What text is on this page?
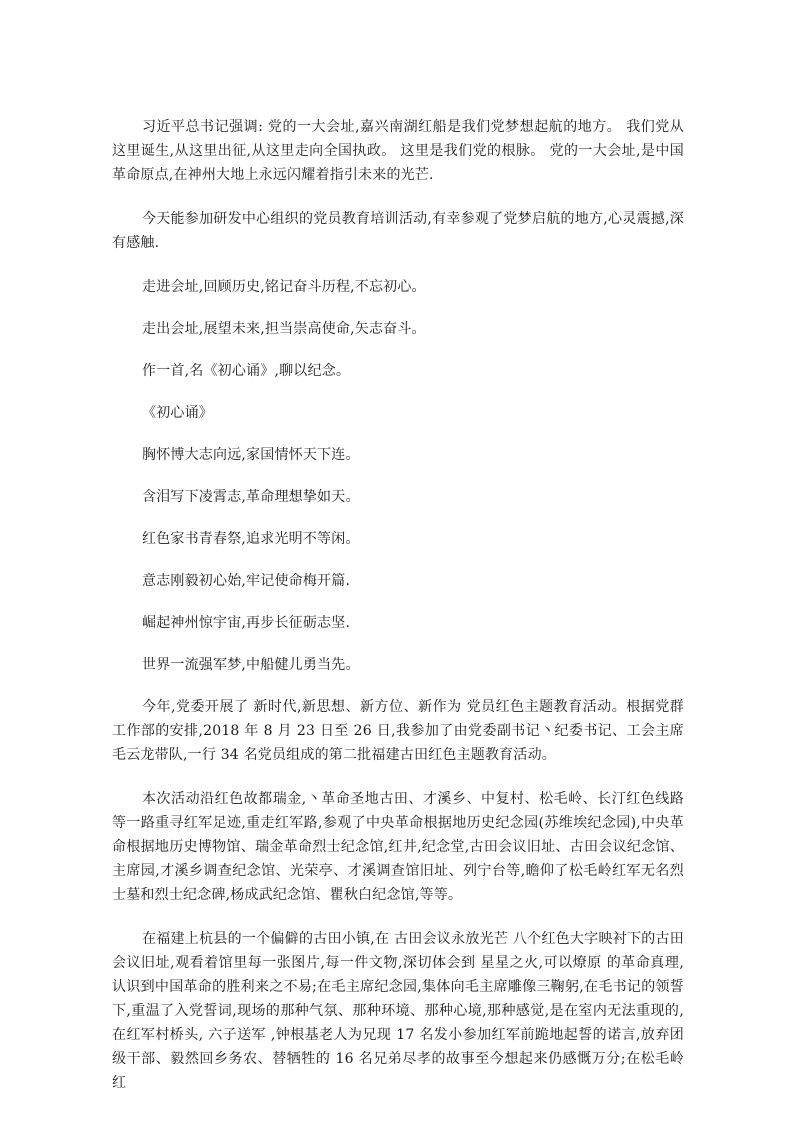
习近平总书记强调: 党的一大会址,嘉兴南湖红船是我们党梦想起航的地方。 我们党从这里诞生,从这里出征,从这里走向全国执政。 这里是我们党的根脉。 党的一大会址,是中国革命原点,在神州大地上永远闪耀着指引未来的光芒.

今天能参加研发中心组织的党员教育培训活动,有幸参观了党梦启航的地方,心灵震撼,深有感触.

走进会址,回顾历史,铭记奋斗历程,不忘初心。

走出会址,展望未来,担当崇高使命,矢志奋斗。

作一首,名《初心诵》,聊以纪念。

《初心诵》

胸怀博大志向远,家国情怀天下连。

含泪写下凌霄志,革命理想挚如天。

红色家书青春祭,追求光明不等闲。

意志刚毅初心始,牢记使命梅开篇.

崛起神州惊宇宙,再步长征砺志坚.

世界一流强军梦,中船健儿勇当先。

今年,党委开展了 新时代,新思想、新方位、新作为 党员红色主题教育活动。根据党群工作部的安排,2018 年 8 月 23 日至 26 日,我参加了由党委副书记丶纪委书记、工会主席毛云龙带队,一行 34 名党员组成的第二批福建古田红色主题教育活动。

本次活动沿红色故都瑞金,丶革命圣地古田、才溪乡、中复村、松毛岭、长汀红色线路等一路重寻红军足迹,重走红军路,参观了中央革命根据地历史纪念园(苏维埃纪念园),中央革命根据地历史博物馆、瑞金革命烈士纪念馆,红井,纪念堂,古田会议旧址、古田会议纪念馆、主席园,才溪乡调查纪念馆、光荣亭、才溪调查馆旧址、列宁台等,瞻仰了松毛岭红军无名烈士墓和烈士纪念碑,杨成武纪念馆、瞿秋白纪念馆,等等。

在福建上杭县的一个偏僻的古田小镇,在 古田会议永放光芒 八个红色大字映衬下的古田会议旧址,观看着馆里每一张图片,每一件文物,深切体会到 星星之火,可以燎原 的革命真理,认识到中国革命的胜利来之不易;在毛主席纪念园,集体向毛主席雕像三鞠躬,在毛书记的领誓下,重温了入党誓词,现场的那种气氛、那种环境、那种心境,那种感觉,是在室内无法重现的,在红军村桥头, 六子送军 ,钟根基老人为兄现 17 名发小参加红军前跪地起誓的诺言,放弃团级干部、毅然回乡务农、替牺牲的 16 名兄弟尽孝的故事至今想起来仍感慨万分;在松毛岭红
